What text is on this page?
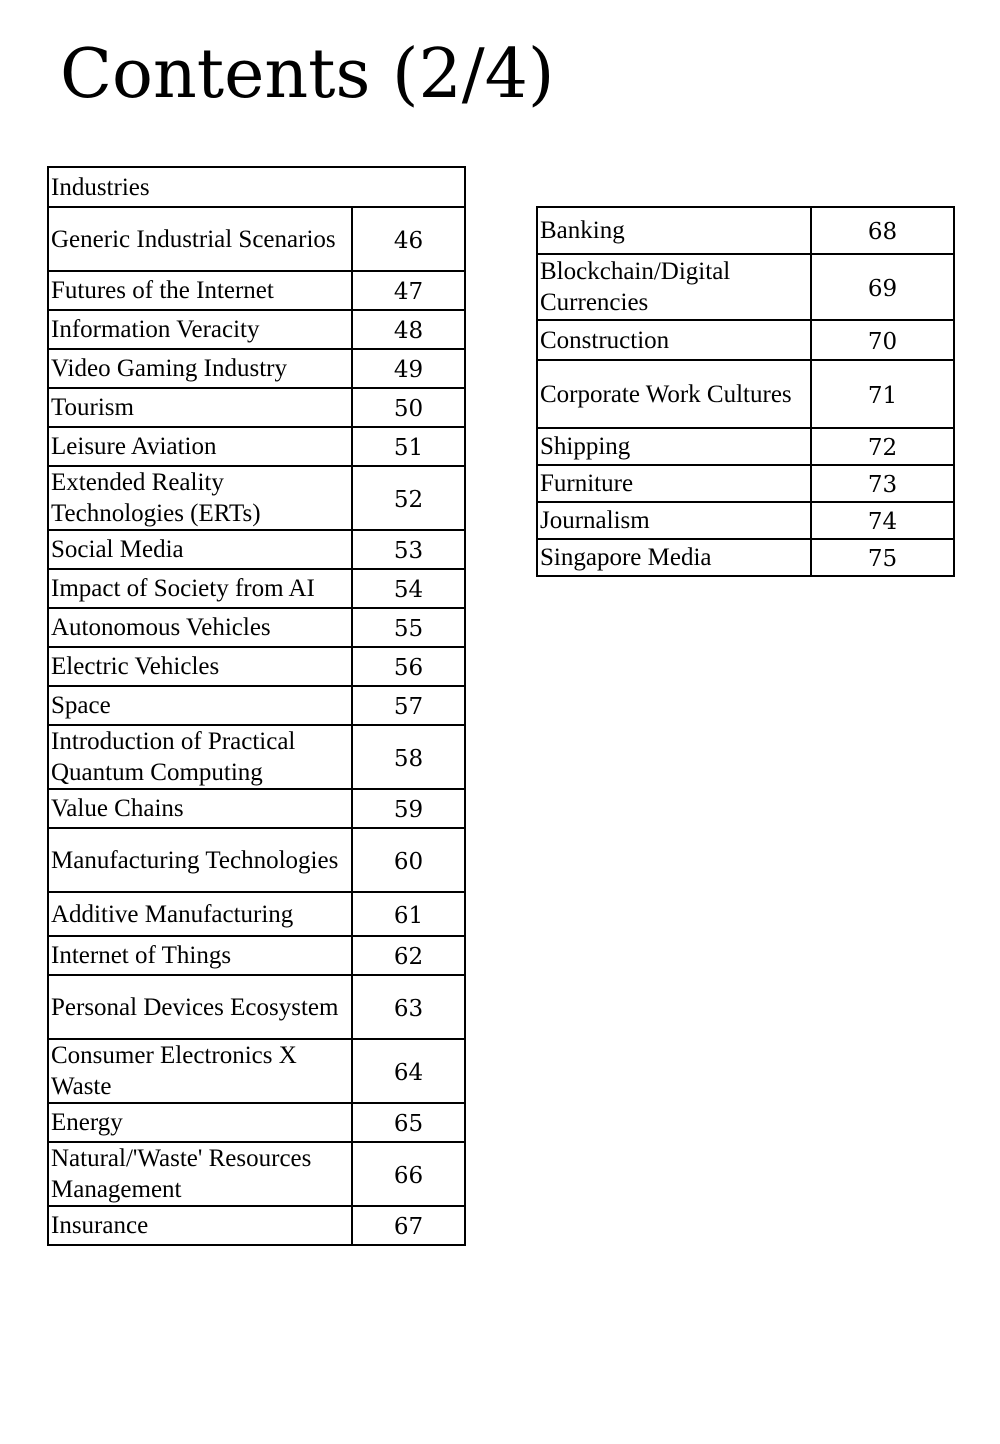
Contents (2/4)
Industries	
Generic Industrial Scenarios	46
Futures of the Internet	47
Information Veracity	48
Video Gaming Industry	49
Tourism	50
Leisure Aviation	51
Extended Reality Technologies (ERTs)	52
Social Media	53
Impact of Society from AI	54
Autonomous Vehicles	55
Electric Vehicles	56
Space	57
Introduction of Practical Quantum Computing	58
Value Chains	59
Manufacturing Technologies	60
Additive Manufacturing	61
Internet of Things	62
Personal Devices Ecosystem	63
Consumer Electronics X Waste	64
Energy	65
Natural/'Waste' Resources Management	66
Insurance	67
Banking	68
Blockchain/Digital Currencies	69
Construction	70
Corporate Work Cultures	71
Shipping	72
Furniture	73
Journalism	74
Singapore Media	75
